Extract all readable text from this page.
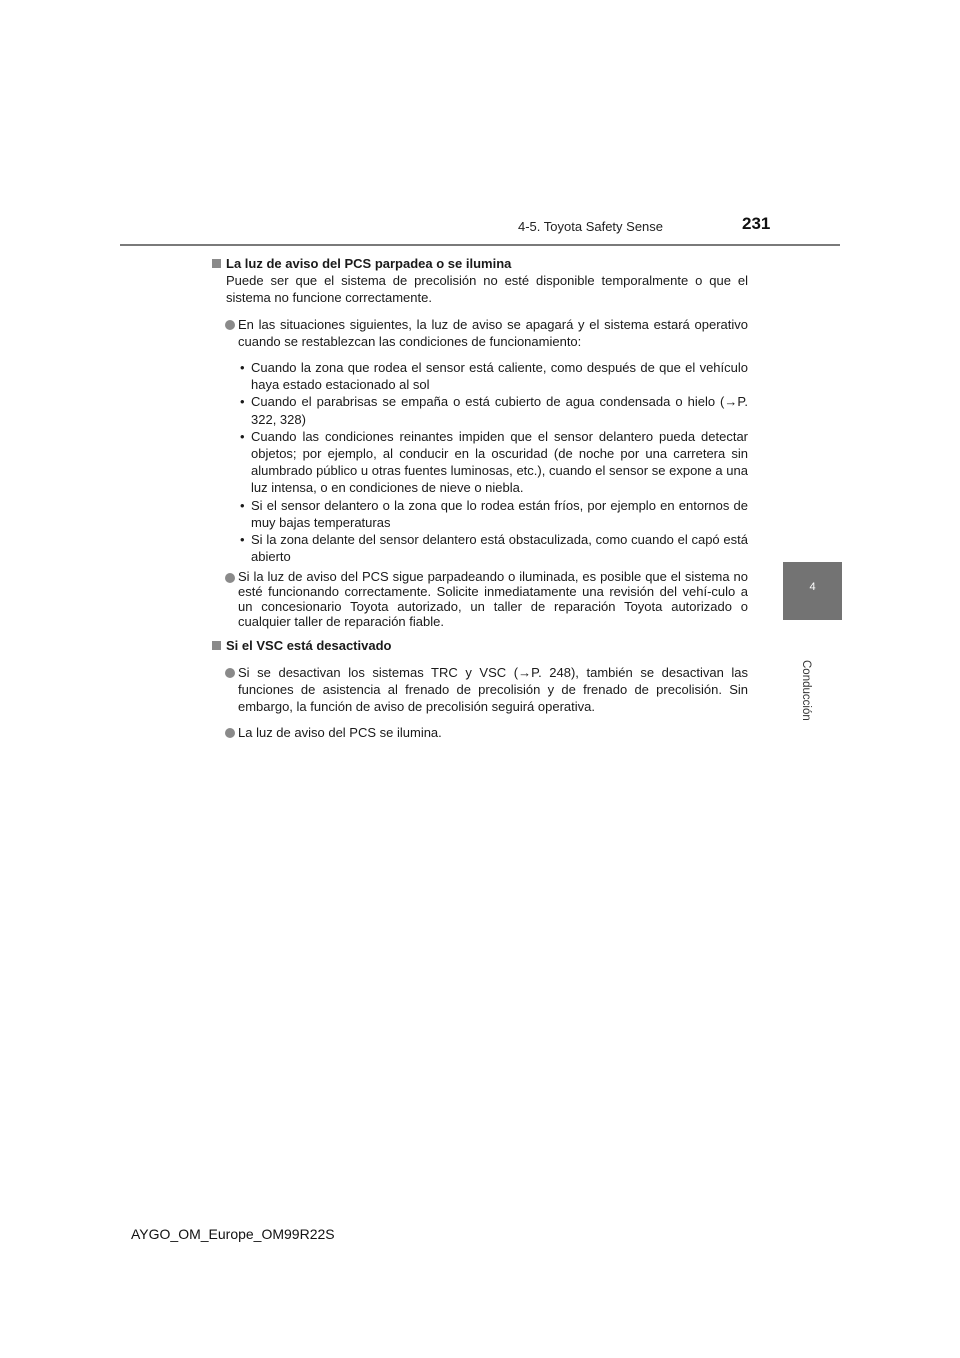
4-5. Toyota Safety Sense	231
4
Conducción

La luz de aviso del PCS parpadea o se ilumina

Puede ser que el sistema de precolisión no esté disponible temporalmente o que el sistema no funcione correctamente.

En las situaciones siguientes, la luz de aviso se apagará y el sistema estará operativo cuando se restablezcan las condiciones de funcionamiento:
• Cuando la zona que rodea el sensor está caliente, como después de que el vehículo haya estado estacionado al sol
• Cuando el parabrisas se empaña o está cubierto de agua condensada o hielo (→P. 322, 328)
• Cuando las condiciones reinantes impiden que el sensor delantero pueda detectar objetos; por ejemplo, al conducir en la oscuridad (de noche por una carretera sin alumbrado público u otras fuentes luminosas, etc.), cuando el sensor se expone a una luz intensa, o en condiciones de nieve o niebla.
• Si el sensor delantero o la zona que lo rodea están fríos, por ejemplo en entornos de muy bajas temperaturas
• Si la zona delante del sensor delantero está obstaculizada, como cuando el capó está abierto
Si la luz de aviso del PCS sigue parpadeando o iluminada, es posible que el sistema no esté funcionando correctamente. Solicite inmediatamente una revisión del vehí-culo a un concesionario Toyota autorizado, un taller de reparación Toyota autorizado o cualquier taller de reparación fiable.

Si el VSC está desactivado

Si se desactivan los sistemas TRC y VSC (→P. 248), también se desactivan las funciones de asistencia al frenado de precolisión y de frenado de precolisión. Sin embargo, la función de aviso de precolisión seguirá operativa.
La luz de aviso del PCS se ilumina.
AYGO_OM_Europe_OM99R22S
